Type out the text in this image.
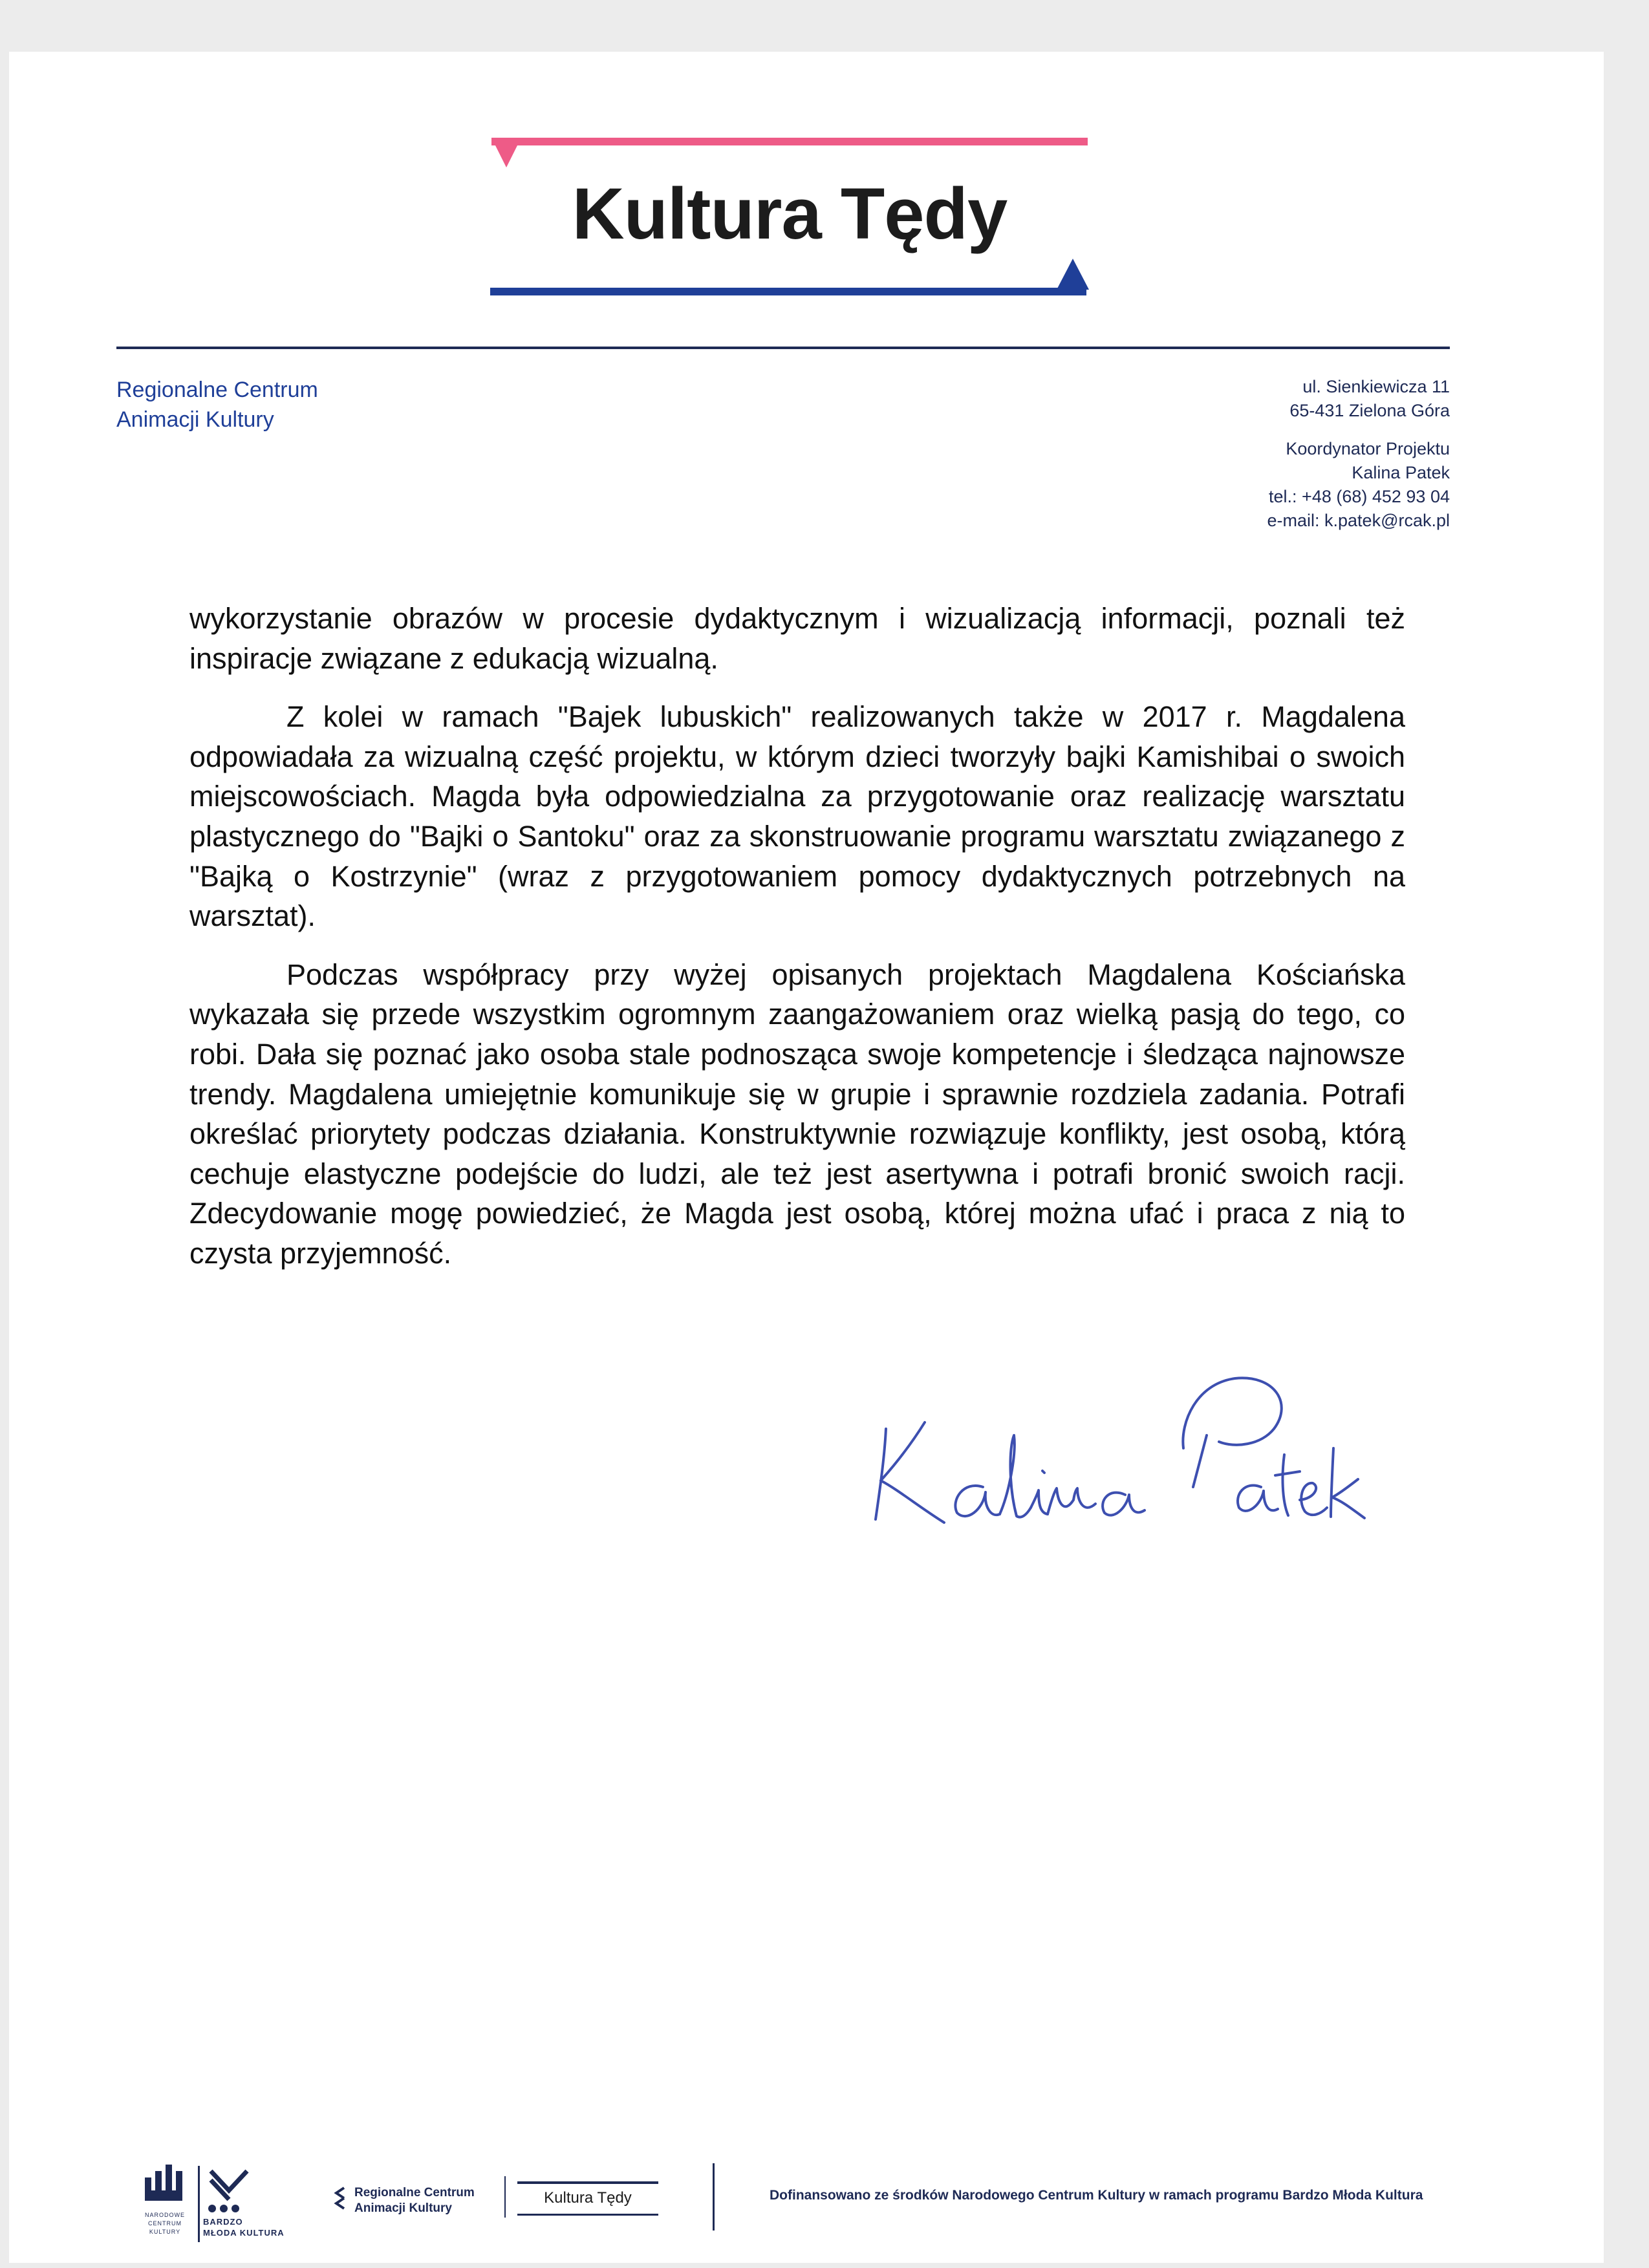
Kultura Tędy
Regionalne Centrum
Animacji Kultury
ul. Sienkiewicza 11
65-431 Zielona Góra
Koordynator Projektu
Kalina Patek
tel.: +48 (68) 452 93 04
e-mail: k.patek@rcak.pl

wykorzystanie obrazów w procesie dydaktycznym i wizualizacją informacji, poznali też inspiracje związane z edukacją wizualną.

Z kolei w ramach "Bajek lubuskich" realizowanych także w 2017 r. Magdalena odpowiadała za wizualną część projektu, w którym dzieci tworzyły bajki Kamishibai o swoich miejscowościach. Magda była odpowiedzialna za przygotowanie oraz realizację warsztatu plastycznego do "Bajki o Santoku" oraz za skonstruowanie programu warsztatu związanego z "Bajką o Kostrzynie" (wraz z przygotowaniem pomocy dydaktycznych potrzebnych na warsztat).

Podczas współpracy przy wyżej opisanych projektach Magdalena Kościańska wykazała się przede wszystkim ogromnym zaangażowaniem oraz wielką pasją do tego, co robi. Dała się poznać jako osoba stale podnosząca swoje kompetencje i śledząca najnowsze trendy. Magdalena umiejętnie komunikuje się w grupie i sprawnie rozdziela zadania. Potrafi określać priorytety podczas działania. Konstruktywnie rozwiązuje konflikty, jest osobą, którą cechuje elastyczne podejście do ludzi, ale też jest asertywna i potrafi bronić swoich racji. Zdecydowanie mogę powiedzieć, że Magda jest osobą, której można ufać i praca z nią to czysta przyjemność.

NARODOWE CENTRUM KULTURY
BARDZO
MŁODA KULTURA
Regionalne Centrum
Animacji Kultury
Kultura Tędy	Dofinansowano ze środków Narodowego Centrum Kultury w ramach programu Bardzo Młoda Kultura
